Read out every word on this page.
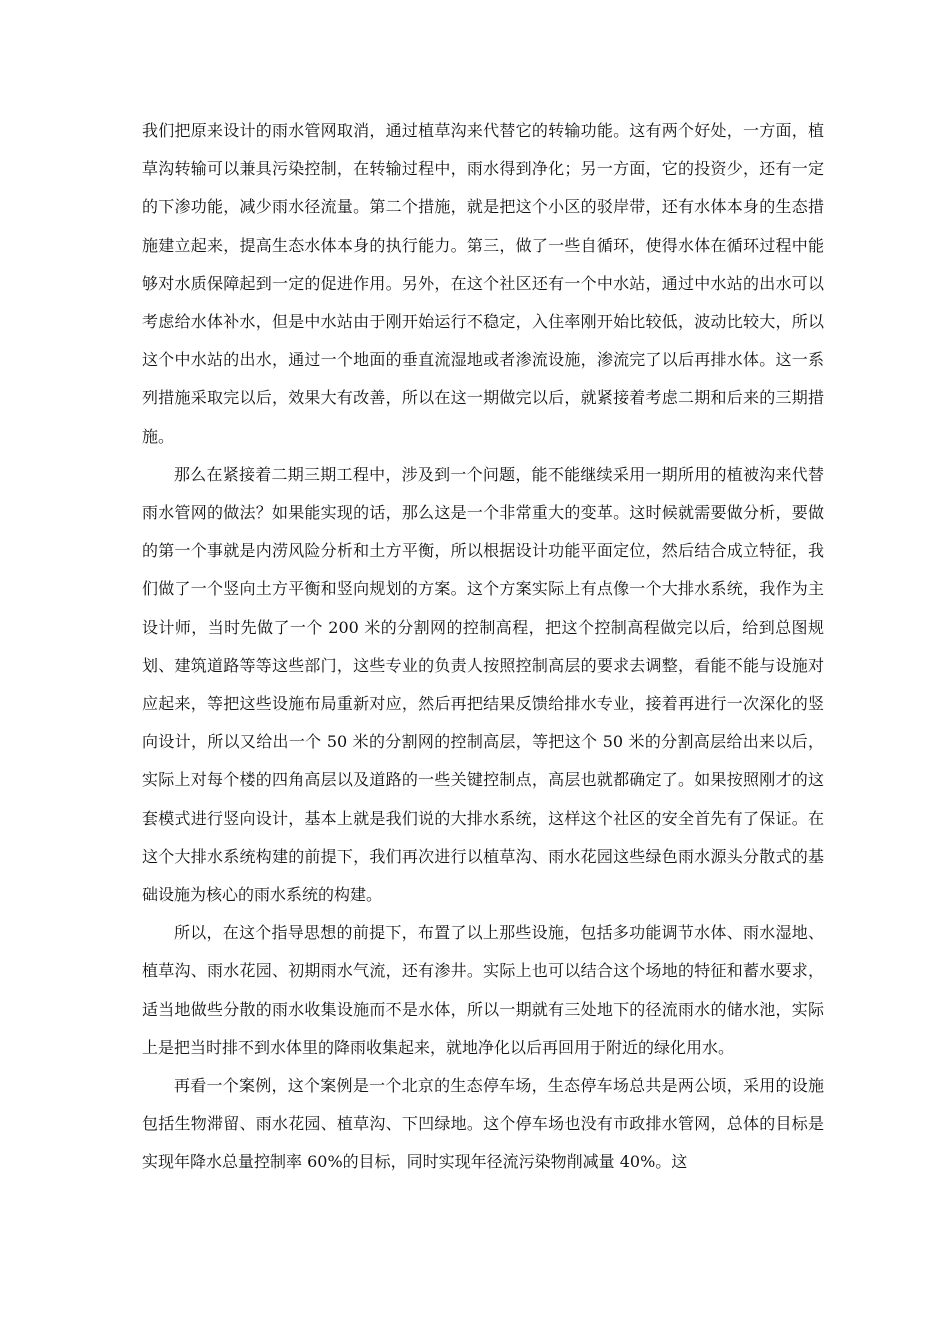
我们把原来设计的雨水管网取消，通过植草沟来代替它的转输功能。这有两个好处，一方面，植草沟转输可以兼具污染控制，在转输过程中，雨水得到净化；另一方面，它的投资少，还有一定的下渗功能，减少雨水径流量。第二个措施，就是把这个小区的驳岸带，还有水体本身的生态措施建立起来，提高生态水体本身的执行能力。第三，做了一些自循环，使得水体在循环过程中能够对水质保障起到一定的促进作用。另外，在这个社区还有一个中水站，通过中水站的出水可以考虑给水体补水，但是中水站由于刚开始运行不稳定，入住率刚开始比较低，波动比较大，所以这个中水站的出水，通过一个地面的垂直流湿地或者渗流设施，渗流完了以后再排水体。这一系列措施采取完以后，效果大有改善，所以在这一期做完以后，就紧接着考虑二期和后来的三期措施。

那么在紧接着二期三期工程中，涉及到一个问题，能不能继续采用一期所用的植被沟来代替雨水管网的做法？如果能实现的话，那么这是一个非常重大的变革。这时候就需要做分析，要做的第一个事就是内涝风险分析和土方平衡，所以根据设计功能平面定位，然后结合成立特征，我们做了一个竖向土方平衡和竖向规划的方案。这个方案实际上有点像一个大排水系统，我作为主设计师，当时先做了一个 200 米的分割网的控制高程，把这个控制高程做完以后，给到总图规划、建筑道路等等这些部门，这些专业的负责人按照控制高层的要求去调整，看能不能与设施对应起来，等把这些设施布局重新对应，然后再把结果反馈给排水专业，接着再进行一次深化的竖向设计，所以又给出一个 50 米的分割网的控制高层，等把这个 50 米的分割高层给出来以后，实际上对每个楼的四角高层以及道路的一些关键控制点，高层也就都确定了。如果按照刚才的这套模式进行竖向设计，基本上就是我们说的大排水系统，这样这个社区的安全首先有了保证。在这个大排水系统构建的前提下，我们再次进行以植草沟、雨水花园这些绿色雨水源头分散式的基础设施为核心的雨水系统的构建。

所以，在这个指导思想的前提下，布置了以上那些设施，包括多功能调节水体、雨水湿地、植草沟、雨水花园、初期雨水气流，还有渗井。实际上也可以结合这个场地的特征和蓄水要求，适当地做些分散的雨水收集设施而不是水体，所以一期就有三处地下的径流雨水的储水池，实际上是把当时排不到水体里的降雨收集起来，就地净化以后再回用于附近的绿化用水。

再看一个案例，这个案例是一个北京的生态停车场，生态停车场总共是两公顷，采用的设施包括生物滞留、雨水花园、植草沟、下凹绿地。这个停车场也没有市政排水管网，总体的目标是实现年降水总量控制率 60%的目标，同时实现年径流污染物削减量 40%。这
